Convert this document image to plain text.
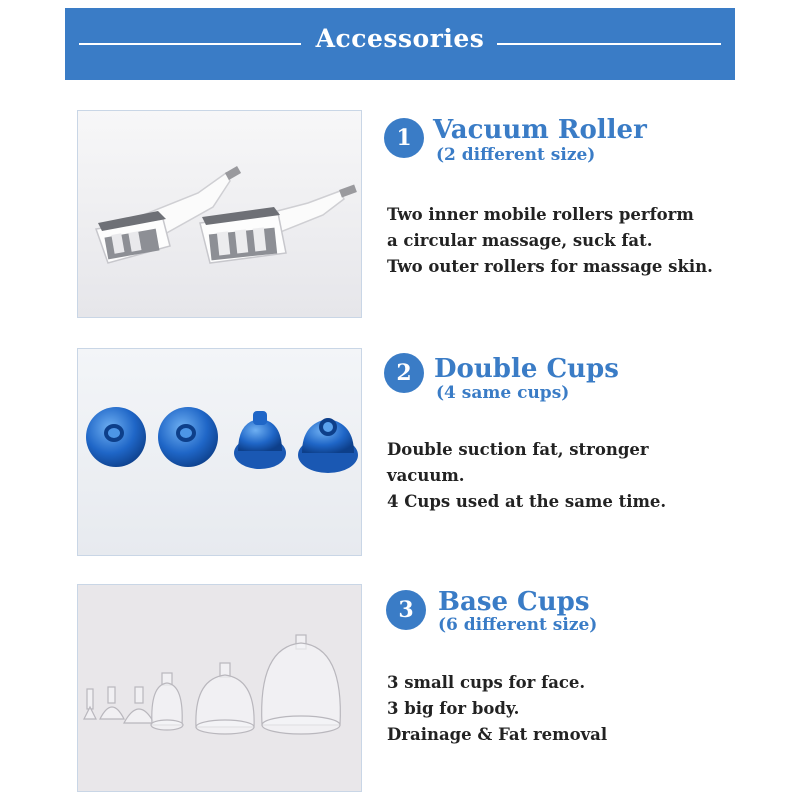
Accessories
1 Vacuum Roller
(2 different size)
Two inner mobile rollers perform
a circular massage, suck fat.
Two outer rollers for massage skin.
2 Double Cups
(4 same cups)
Double suction fat, stronger
vacuum.
4 Cups used at the same time.
3 Base Cups
(6 different size)
3 small cups for face.
3 big for body.
Drainage & Fat removal
